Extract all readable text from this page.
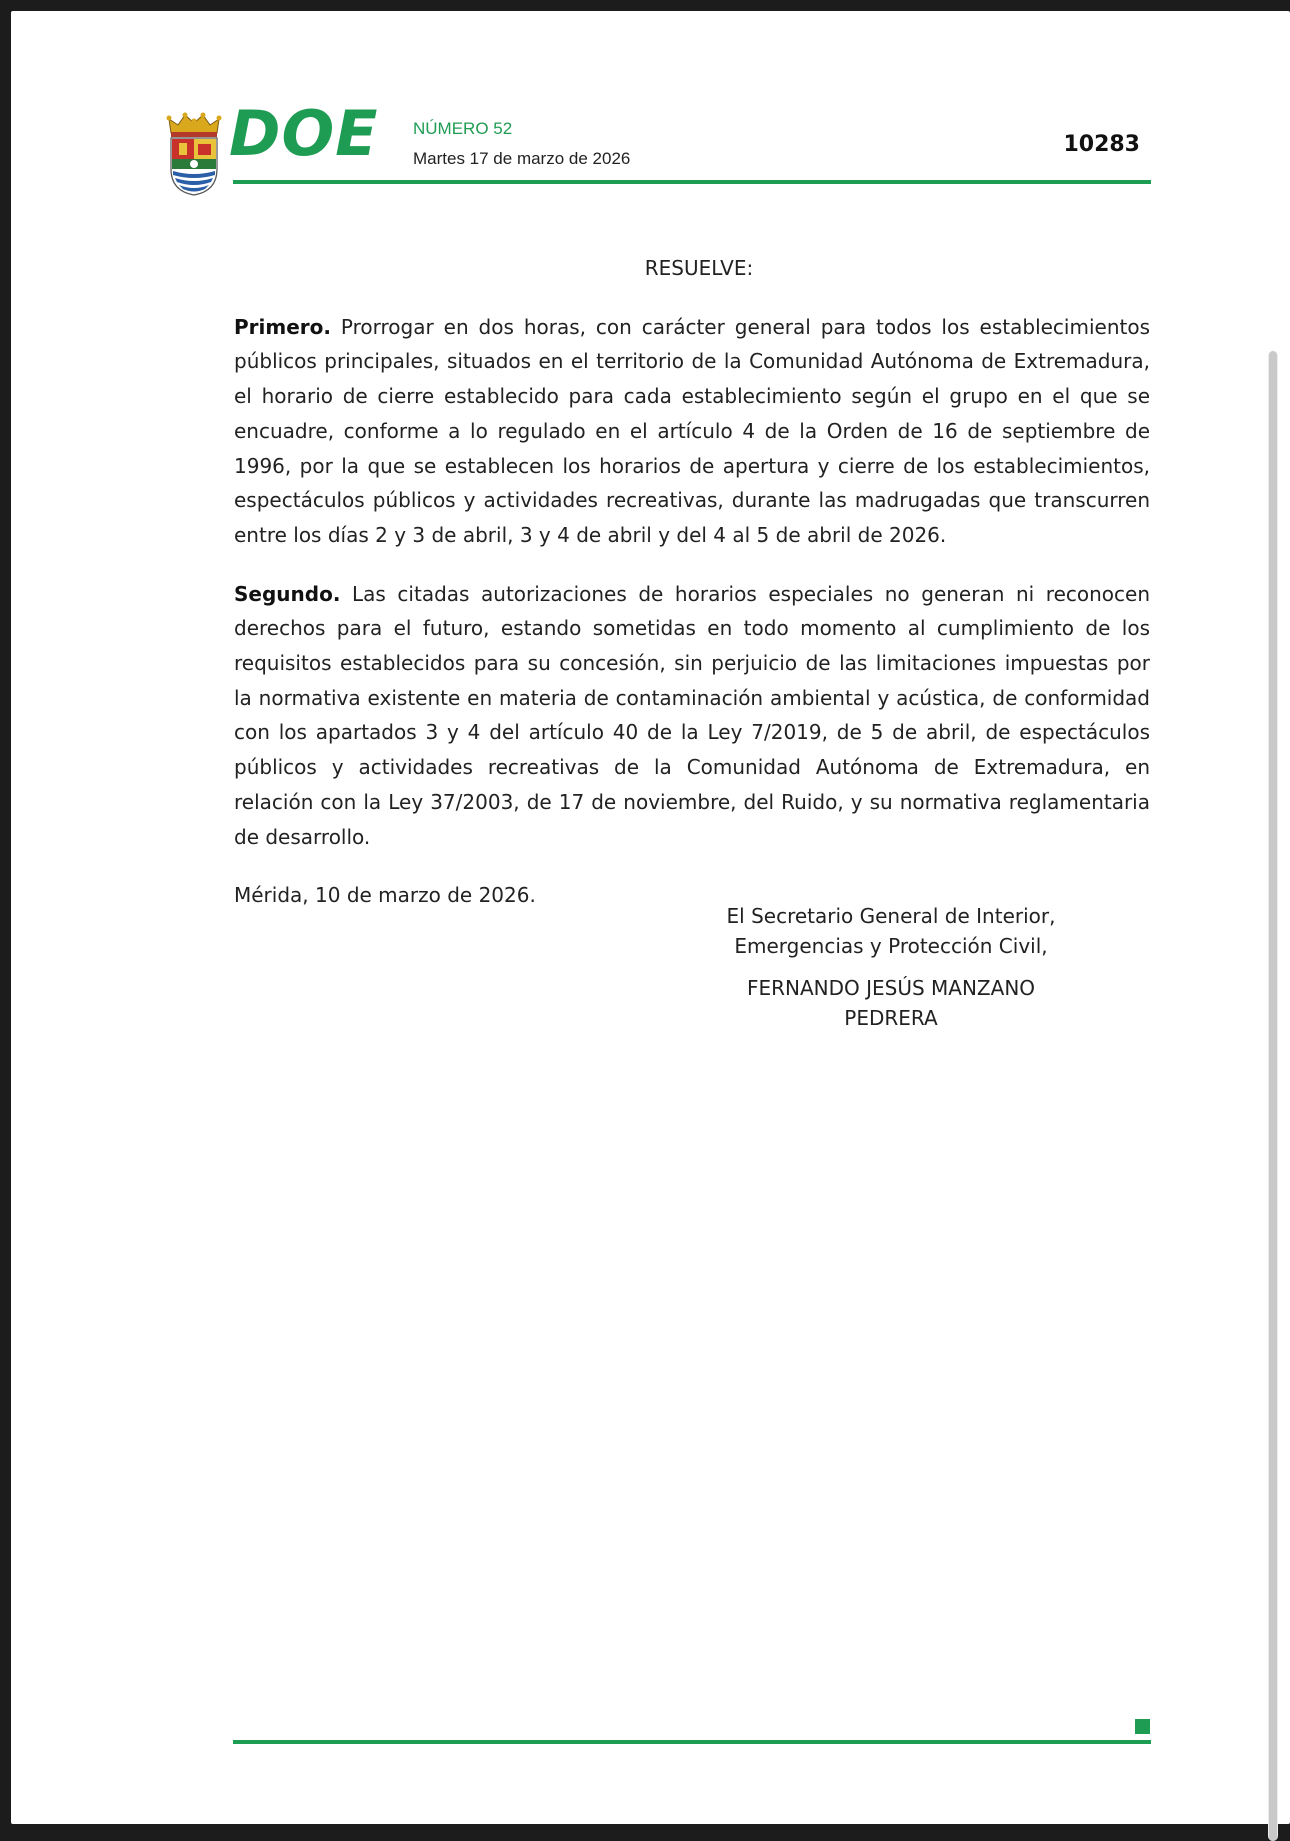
DOE NÚMERO 52
Martes 17 de marzo de 2026
10283

RESUELVE:

Primero. Prorrogar en dos horas, con carácter general para todos los establecimientos públicos principales, situados en el territorio de la Comunidad Autónoma de Extremadura, el horario de cierre establecido para cada establecimiento según el grupo en el que se encuadre, conforme a lo regulado en el artículo 4 de la Orden de 16 de septiembre de 1996, por la que se establecen los horarios de apertura y cierre de los establecimientos, espectáculos públicos y actividades recreativas, durante las madrugadas que transcurren entre los días 2 y 3 de abril, 3 y 4 de abril y del 4 al 5 de abril de 2026.

Segundo. Las citadas autorizaciones de horarios especiales no generan ni reconocen derechos para el futuro, estando sometidas en todo momento al cumplimiento de los requisitos establecidos para su concesión, sin perjuicio de las limitaciones impuestas por la normativa existente en materia de contaminación ambiental y acústica, de conformidad con los apartados 3 y 4 del artículo 40 de la Ley 7/2019, de 5 de abril, de espectáculos públicos y actividades recreativas de la Comunidad Autónoma de Extremadura, en relación con la Ley 37/2003, de 17 de noviembre, del Ruido, y su normativa reglamentaria de desarrollo.

Mérida, 10 de marzo de 2026.

El Secretario General de Interior,

Emergencias y Protección Civil,

FERNANDO JESÚS MANZANO

PEDRERA
